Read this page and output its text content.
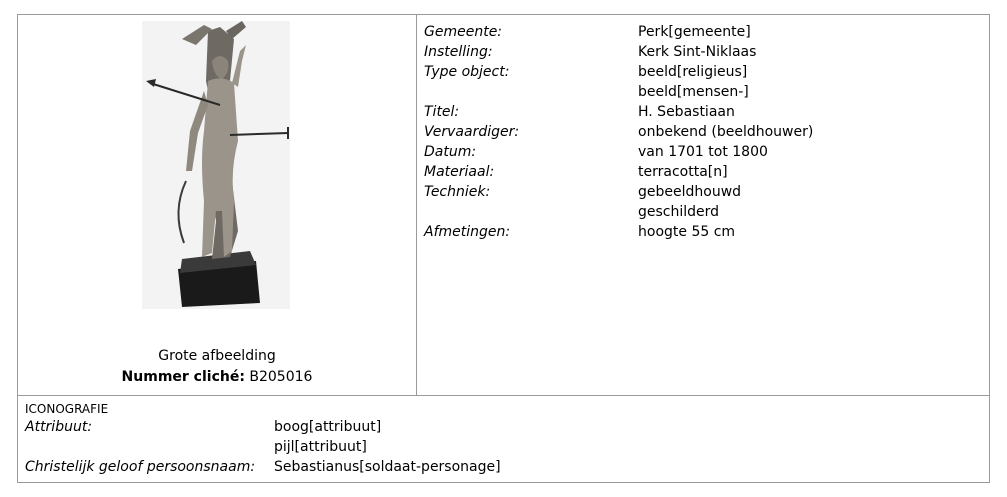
Grote afbeelding
Nummer cliché: B205016
Gemeente:	Perk[gemeente]
Instelling:	Kerk Sint-Niklaas
Type object:	beeld[religieus]
beeld[mensen-]
Titel:	H. Sebastiaan
Vervaardiger:	onbekend (beeldhouwer)
Datum:	van 1701 tot 1800
Materiaal:	terracotta[n]
Techniek:	gebeeldhouwd
geschilderd
Afmetingen:	hoogte 55 cm
ICONOGRAFIE
Attribuut:	boog[attribuut]
pijl[attribuut]
Christelijk geloof persoonsnaam: Sebastianus[soldaat-personage]
